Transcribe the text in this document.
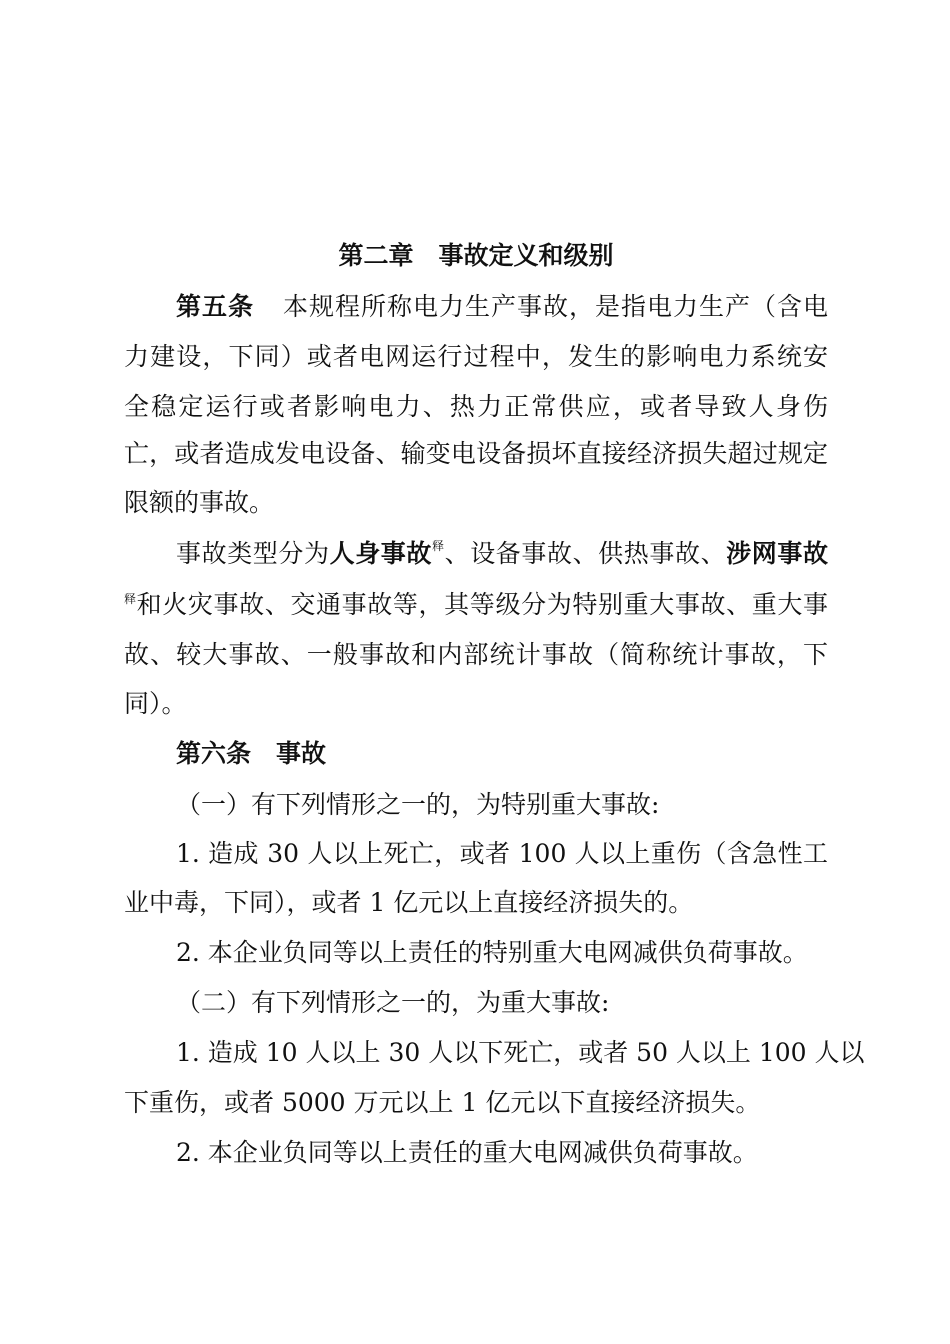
第二章　事故定义和级别
第五条 本规程所称电力生产事故，是指电力生产（含电
力建设，下同）或者电网运行过程中，发生的影响电力系统安
全稳定运行或者影响电力、热力正常供应，或者导致人身伤
亡，或者造成发电设备、输变电设备损坏直接经济损失超过规定
限额的事故。
事故类型分为人身事故$^释$、设备事故、供热事故、涉网事故
$^释$和火灾事故、交通事故等，其等级分为特别重大事故、重大事
故、较大事故、一般事故和内部统计事故（简称统计事故，下
同）。
第六条　事故
（一）有下列情形之一的，为特别重大事故:
1. 造成 30 人以上死亡，或者 100 人以上重伤（含急性工
业中毒，下同），或者 1 亿元以上直接经济损失的。
2. 本企业负同等以上责任的特别重大电网减供负荷事故。
（二）有下列情形之一的，为重大事故:
1. 造成 10 人以上 30 人以下死亡，或者 50 人以上 100 人以
下重伤，或者 5000 万元以上 1 亿元以下直接经济损失。
2. 本企业负同等以上责任的重大电网减供负荷事故。
